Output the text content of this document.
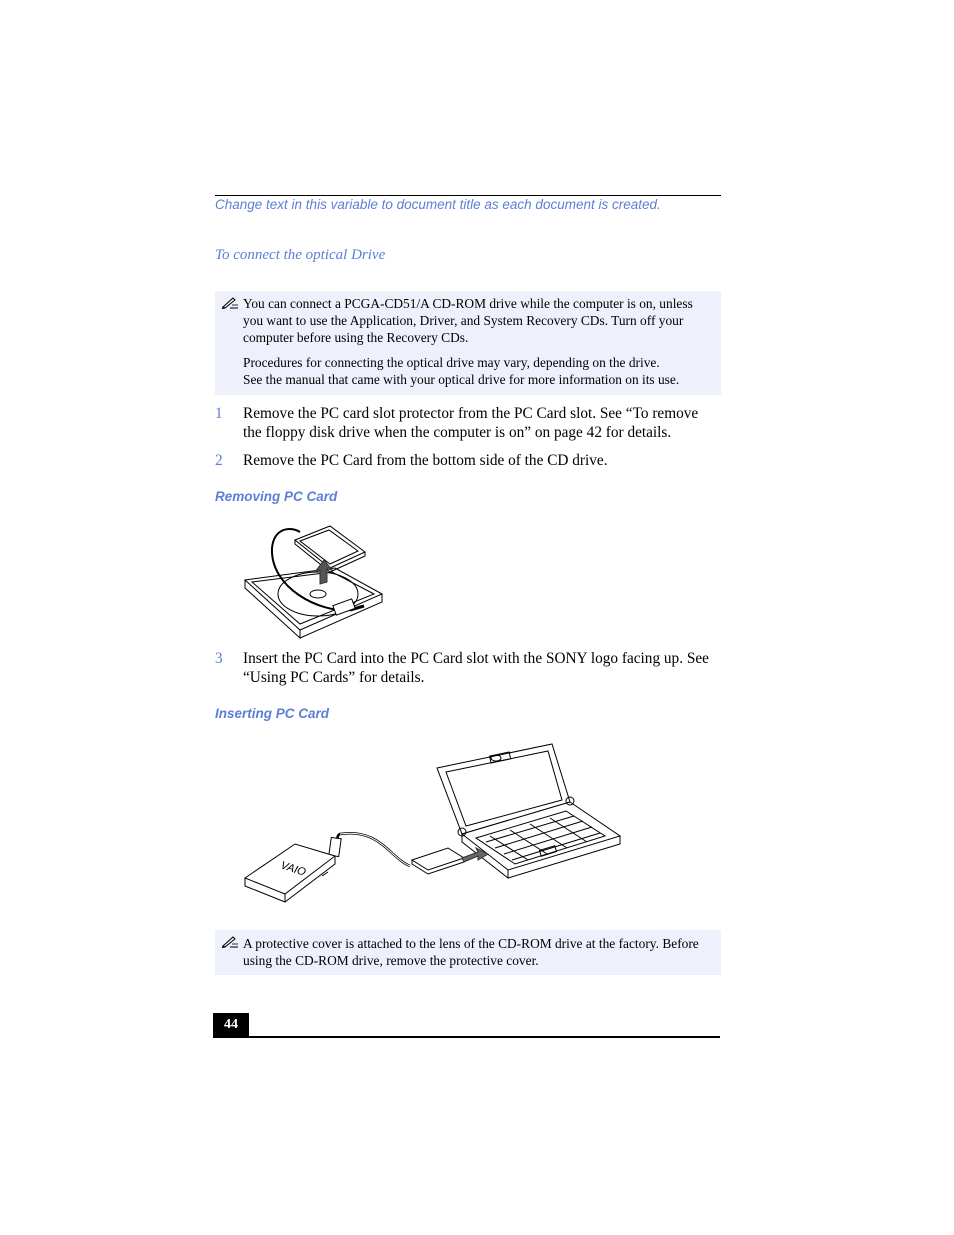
Change text in this variable to document title as each document is created.
To connect the optical Drive

You can connect a PCGA-CD51/A CD-ROM drive while the computer is on, unless
you want to use the Application, Driver, and System Recovery CDs. Turn off your
computer before using the Recovery CDs.

Procedures for connecting the optical drive may vary, depending on the drive.
See the manual that came with your optical drive for more information on its use.

1 Remove the PC card slot protector from the PC Card slot. See “To remove
the floppy disk drive when the computer is on” on page 42 for details.
2 Remove the PC Card from the bottom side of the CD drive.
Removing PC Card
3 Insert the PC Card into the PC Card slot with the SONY logo facing up. See
“Using PC Cards” for details.
Inserting PC Card
VAIO

A protective cover is attached to the lens of the CD-ROM drive at the factory. Before
using the CD-ROM drive, remove the protective cover.

44
